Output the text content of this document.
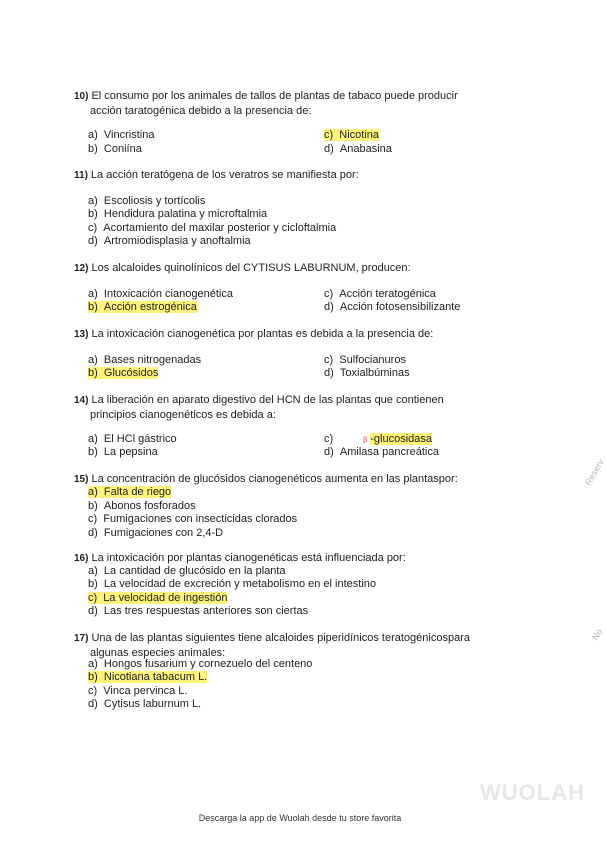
10) El consumo por los animales de tallos de plantas de tabaco puede producir
acción taratogénica debido a la presencia de:
a) Vincristina	c) Nicotina
b) Coniína	d) Anabasina
11) La acción teratógena de los veratros se manifiesta por:
a) Escoliosis y tortícolis
b) Hendidura palatina y microftalmia
c) Acortamiento del maxilar posterior y cicloftalmia
d) Artromiodisplasia y anoftalmia
12) Los alcaloides quinolínicos del CYTISUS LABURNUM, producen:
a) Intoxicación cianogenética	c) Acción teratogénica
b) Acción estrogénica	d) Acción fotosensibilizante
13) La intoxicación cianogenética por plantas es debida a la presencia de:
a) Bases nitrogenadas	c) Sulfocianuros
b) Glucósidos	d) Toxialbúminas
14) La liberación en aparato digestivo del HCN de las plantas que contienen
principios cianogenéticos es debida a:
a) El HCl gástrico	c)	β -glucosidasa
b) La pepsina	d) Amilasa pancreática
15) La concentración de glucósidos cianogenéticos aumenta en las plantaspor:
a) Falta de riego
b) Abonos fosforados
c) Fumigaciones con insecticidas clorados
d) Fumigaciones con 2,4-D
16) La intoxicación por plantas cianogenéticas está influenciada por:
a) La cantidad de glucósido en la planta
b) La velocidad de excreción y metabolismo en el intestino
c) La velocidad de ingestión
d) Las tres respuestas anteriores son ciertas
17) Una de las plantas siguientes tiene alcaloides piperidínicos teratogénicospara
algunas especies animales:
a) Hongos fusarium y cornezuelo del centeno
b) Nicotiana tabacum L.
c) Vinca pervinca L.
d) Cytisus laburnum L.
Reserv
No
WUOLAH
Descarga la app de Wuolah desde tu store favorita
